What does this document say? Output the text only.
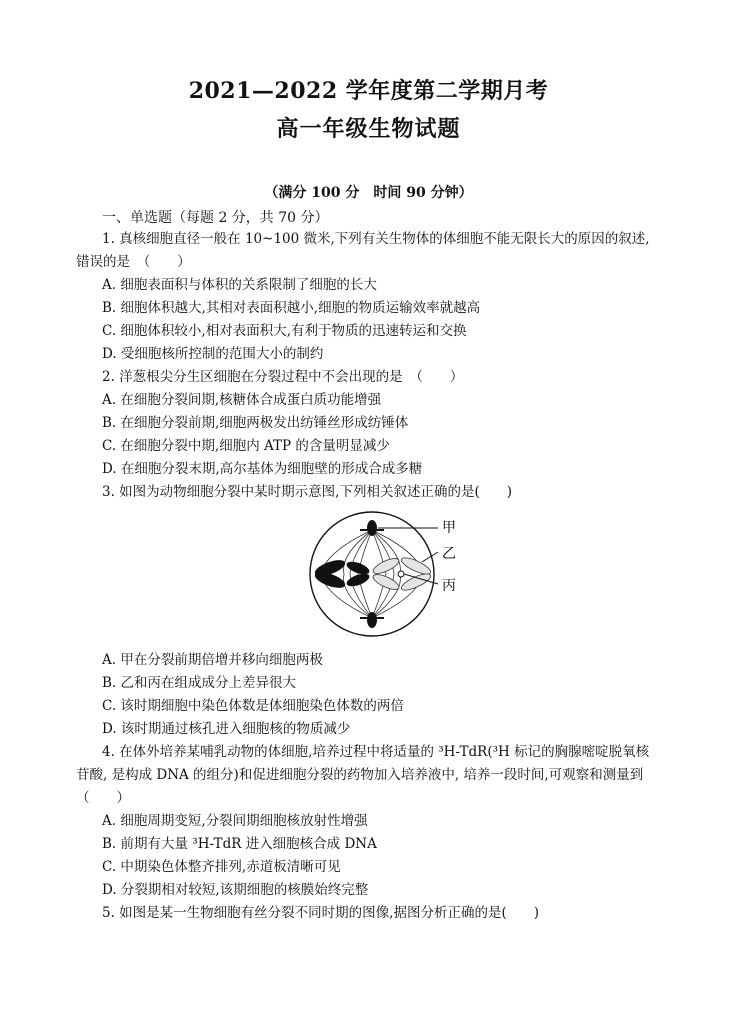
2021—2022 学年度第二学期月考
高一年级生物试题
（满分 100 分　时间 90 分钟）
一、单选题（每题 2 分，共 70 分）
1. 真核细胞直径一般在 10~100 微米,下列有关生物体的体细胞不能无限长大的原因的叙述,
错误的是　（　　）
A. 细胞表面积与体积的关系限制了细胞的长大
B. 细胞体积越大,其相对表面积越小,细胞的物质运输效率就越高
C. 细胞体积较小,相对表面积大,有利于物质的迅速转运和交换
D. 受细胞核所控制的范围大小的制约
2. 洋葱根尖分生区细胞在分裂过程中不会出现的是　（　　）
A. 在细胞分裂间期,核糖体合成蛋白质功能增强
B. 在细胞分裂前期,细胞两极发出纺锤丝形成纺锤体
C. 在细胞分裂中期,细胞内 ATP 的含量明显减少
D. 在细胞分裂末期,高尔基体为细胞壁的形成合成多糖
3. 如图为动物细胞分裂中某时期示意图,下列相关叙述正确的是(　　)
甲
乙
丙
A. 甲在分裂前期倍增并移向细胞两极
B. 乙和丙在组成成分上差异很大
C. 该时期细胞中染色体数是体细胞染色体数的两倍
D. 该时期通过核孔进入细胞核的物质减少
4. 在体外培养某哺乳动物的体细胞,培养过程中将适量的 ³H-TdR(³H 标记的胸腺嘧啶脱氧核
苷酸, 是构成 DNA 的组分)和促进细胞分裂的药物加入培养液中, 培养一段时间,可观察和测量到
（　　）
A. 细胞周期变短,分裂间期细胞核放射性增强
B. 前期有大量 ³H-TdR 进入细胞核合成 DNA
C. 中期染色体整齐排列,赤道板清晰可见
D. 分裂期相对较短,该期细胞的核膜始终完整
5. 如图是某一生物细胞有丝分裂不同时期的图像,据图分析正确的是(　　)
